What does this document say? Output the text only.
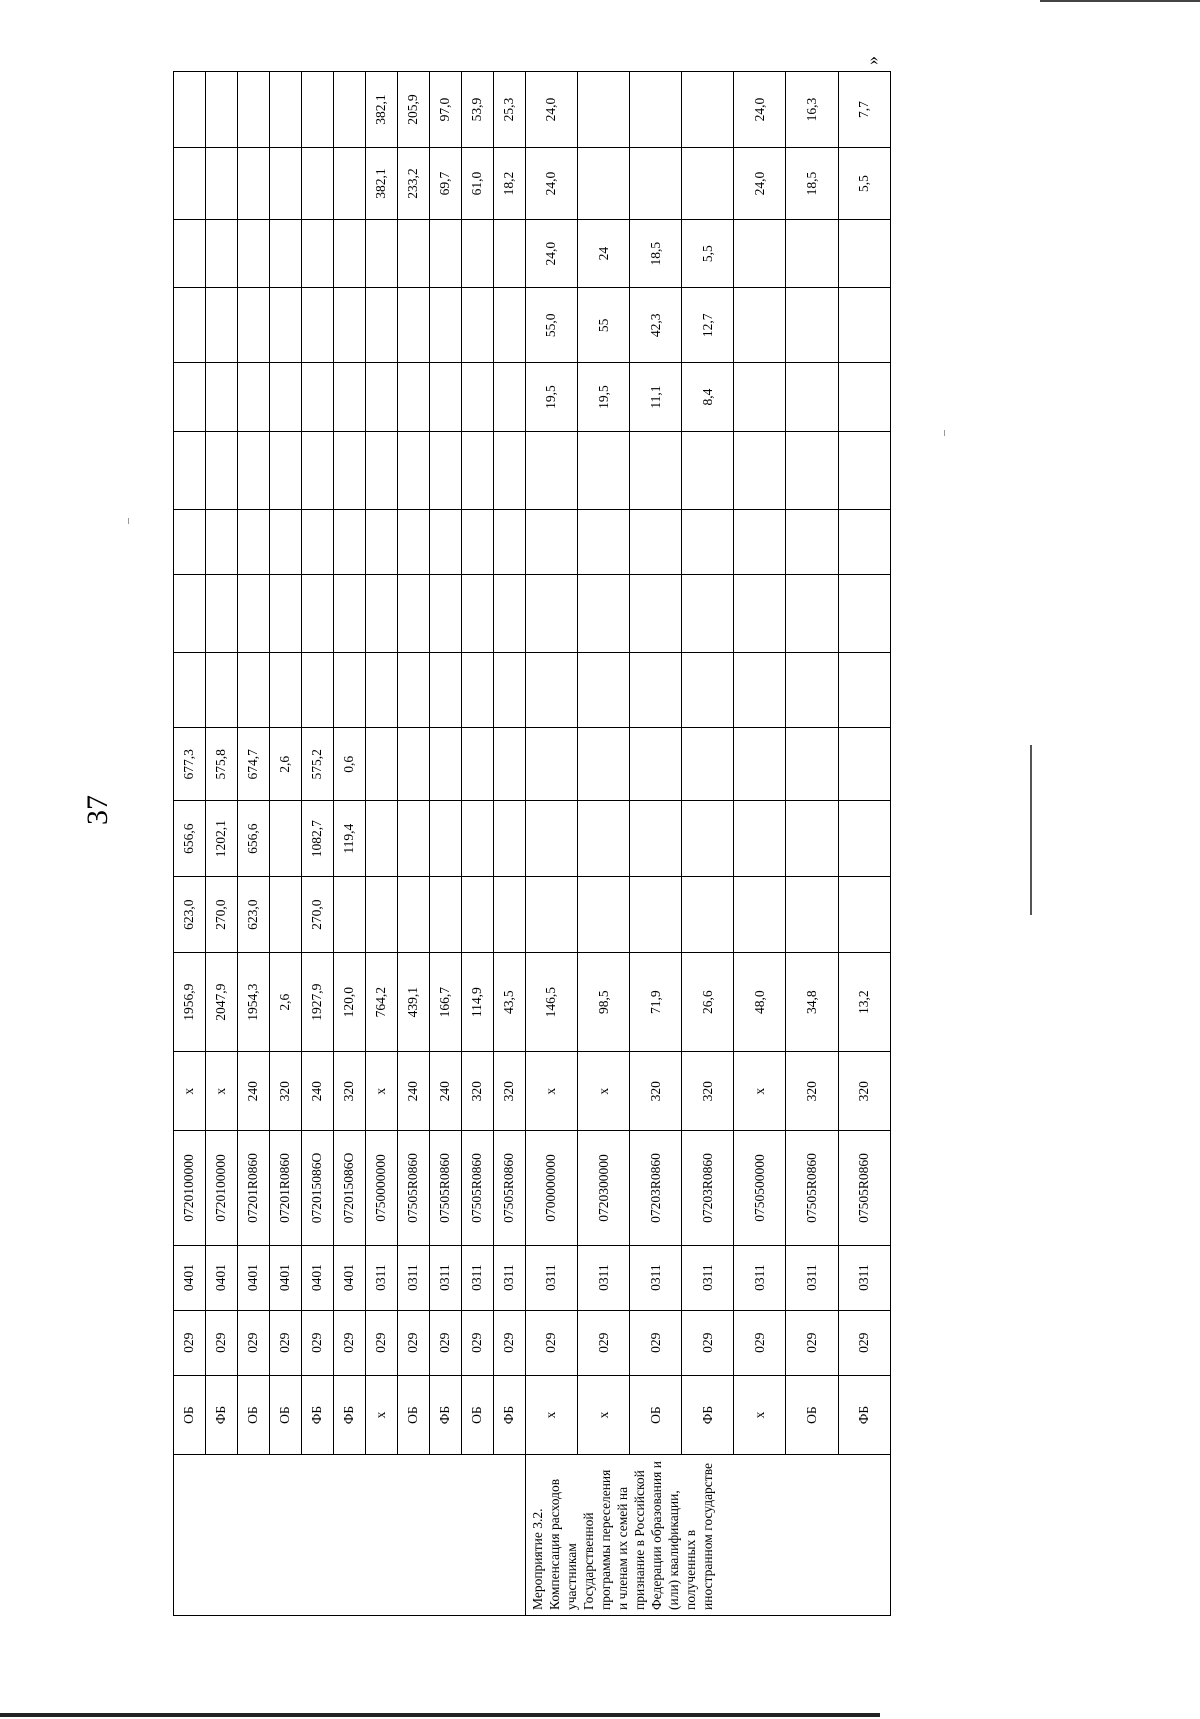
37
»
	ОБ	029	0401	0720100000	х	1956,9	623,0	656,6	677,3									
	ФБ	029	0401	0720100000	х	2047,9	270,0	1202,1	575,8									
	ОБ	029	0401	07201R0860	240	1954,3	623,0	656,6	674,7									
	ОБ	029	0401	07201R0860	320	2,6			2,6									
	ФБ	029	0401	072015086О	240	1927,9	270,0	1082,7	575,2									
	ФБ	029	0401	072015086О	320	120,0		119,4	0,6									
	х	029	0311	0750000000	х	764,2											382,1	382,1
	ОБ	029	0311	07505R0860	240	439,1											233,2	205,9
	ФБ	029	0311	07505R0860	240	166,7											69,7	97,0
	ОБ	029	0311	07505R0860	320	114,9											61,0	53,9
	ФБ	029	0311	07505R0860	320	43,5											18,2	25,3
Мероприятие 3.2. Компенсация расходов участникам Государственной программы переселения и членам их семей на признание в Российской Федерации образования и (или) квалификации, полученных в иностранном государстве	х	029	0311	0700000000	х	146,5								19,5	55,0	24,0	24,0	24,0
	х	029	0311	0720300000	х	98,5								19,5	55	24		
	ОБ	029	0311	07203R0860	320	71,9								11,1	42,3	18,5		
	ФБ	029	0311	07203R0860	320	26,6								8,4	12,7	5,5		
	х	029	0311	0750500000	х	48,0											24,0	24,0
	ОБ	029	0311	07505R0860	320	34,8											18,5	16,3
	ФБ	029	0311	07505R0860	320	13,2											5,5	7,7
